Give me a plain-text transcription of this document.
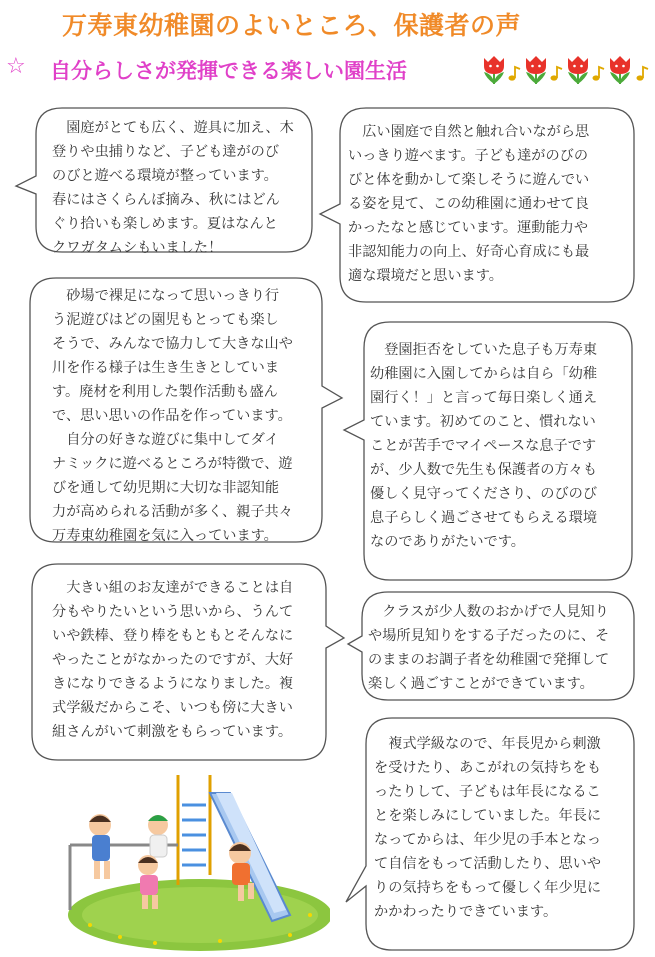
万寿東幼稚園のよいところ、保護者の声
☆ 自分らしさが発揮できる楽しい園生活

　園庭がとても広く、遊具に加え、木
登りや虫捕りなど、子ども達がのび
のびと遊べる環境が整っています。
春にはさくらんぼ摘み、秋にはどん
ぐり拾いも楽しめます。夏はなんと
クワガタムシもいました！

　広い園庭で自然と触れ合いながら思
いっきり遊べます。子ども達がのびの
びと体を動かして楽しそうに遊んでい
る姿を見て、この幼稚園に通わせて良
かったなと感じています。運動能力や
非認知能力の向上、好奇心育成にも最
適な環境だと思います。

　砂場で裸足になって思いっきり行
う泥遊びはどの園児もとっても楽し
そうで、みんなで協力して大きな山や
川を作る様子は生き生きとしていま
す。廃材を利用した製作活動も盛ん
で、思い思いの作品を作っています。

　自分の好きな遊びに集中してダイ
ナミックに遊べるところが特徴で、遊
びを通して幼児期に大切な非認知能
力が高められる活動が多く、親子共々
万寿東幼稚園を気に入っています。

　登園拒否をしていた息子も万寿東
幼稚園に入園してからは自ら「幼稚
園行く！」と言って毎日楽しく通え
ています。初めてのこと、慣れない
ことが苦手でマイペースな息子です
が、少人数で先生も保護者の方々も
優しく見守ってくださり、のびのび
息子らしく過ごさせてもらえる環境
なのでありがたいです。

　大きい組のお友達ができることは自
分もやりたいという思いから、うんて
いや鉄棒、登り棒をもともとそんなに
やったことがなかったのですが、大好
きになりできるようになりました。複
式学級だからこそ、いつも傍に大きい
組さんがいて刺激をもらっています。

　クラスが少人数のおかげで人見知り
や場所見知りをする子だったのに、そ
のままのお調子者を幼稚園で発揮して
楽しく過ごすことができています。

　複式学級なので、年長児から刺激
を受けたり、あこがれの気持ちをも
ったりして、子どもは年長になるこ
とを楽しみにしていました。年長に
なってからは、年少児の手本となっ
て自信をもって活動したり、思いや
りの気持ちをもって優しく年少児に
かかわったりできています。
